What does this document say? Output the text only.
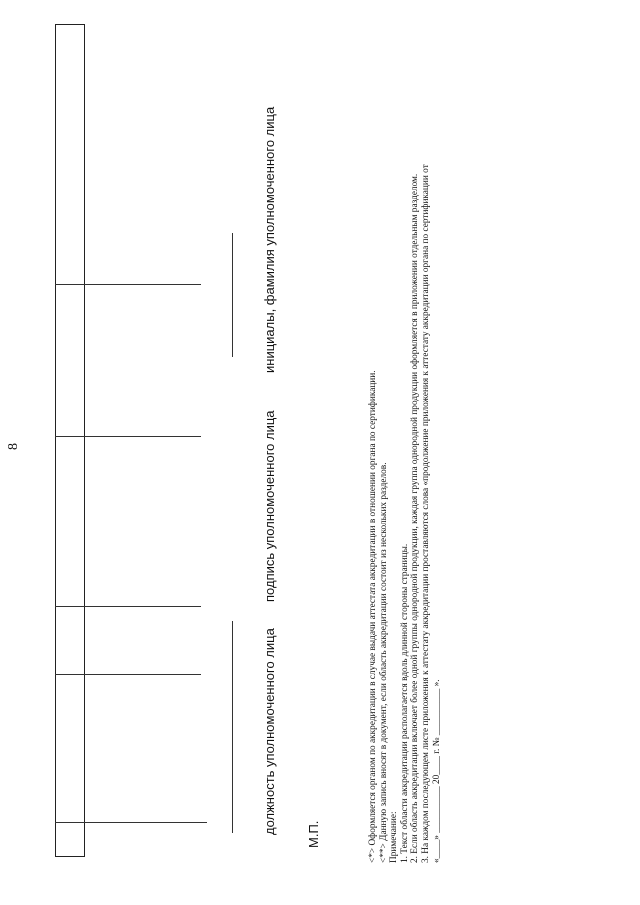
8
должность уполномоченного лица
подпись уполномоченного лица
инициалы, фамилия уполномоченного лица
М.П.	<*> Оформляется органом по аккредитации в случае выдачи аттестата аккредитации в отношении органа по сертификации. <**> Данную запись вносят в документ, если область аккредитации состоит из нескольких разделов. Примечание: 1. Текст области аккредитации располагается вдоль длинной стороны страницы. 2. Если область аккредитации включает более одной группы однородной продукции, каждая группа однородной продукции оформляется в приложении отдельным разделом. 3. На каждом последующем листе приложения к аттестату аккредитации проставляются слова «продолжение приложения к аттестату аккредитации органа по сертификации от «____» __________ 20____ г. № __________ ».
